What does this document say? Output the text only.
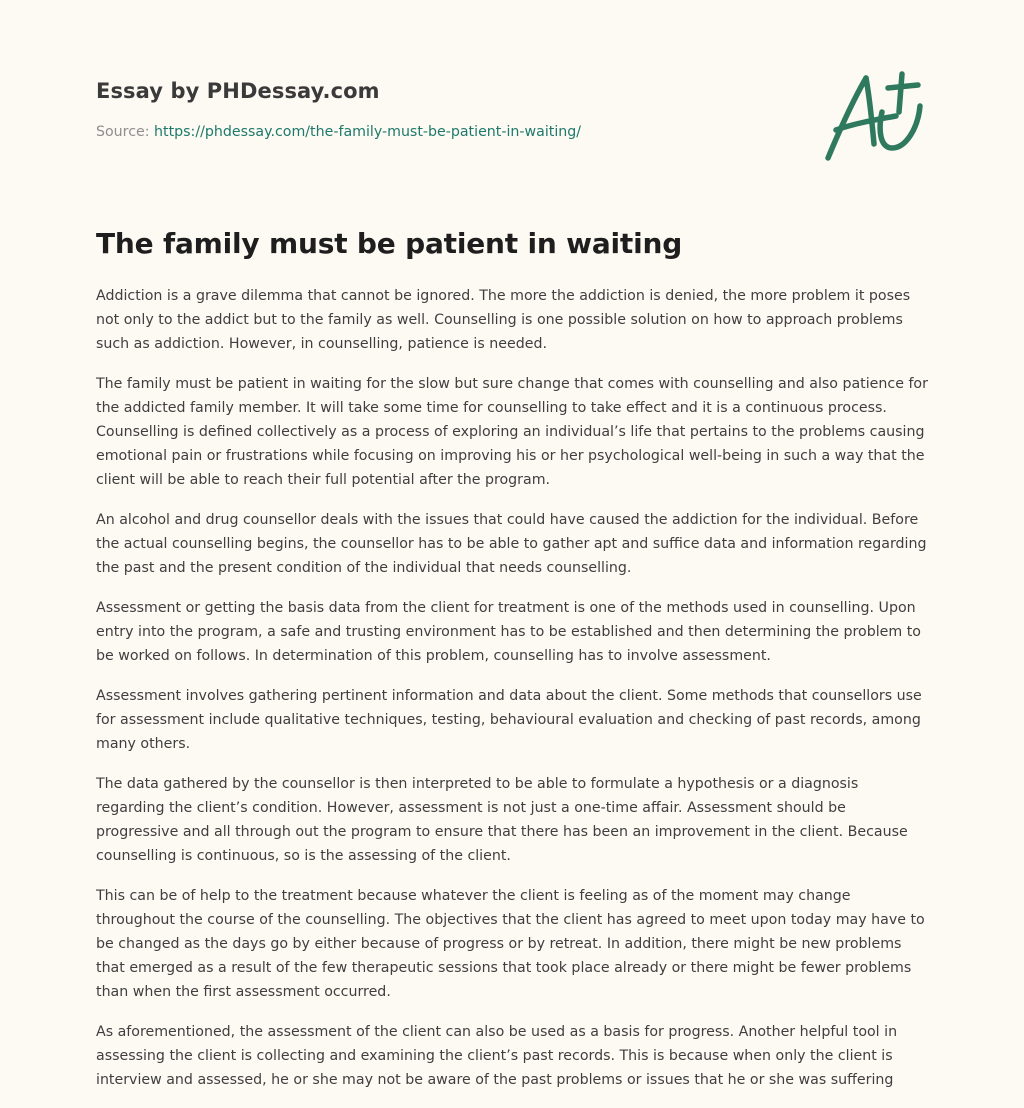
Essay by PHDessay.com
Source: https://phdessay.com/the-family-must-be-patient-in-waiting/
The family must be patient in waiting

Addiction is a grave dilemma that cannot be ignored. The more the addiction is denied, the more problem it poses not only to the addict but to the family as well. Counselling is one possible solution on how to approach problems such as addiction. However, in counselling, patience is needed.

The family must be patient in waiting for the slow but sure change that comes with counselling and also patience for the addicted family member. It will take some time for counselling to take effect and it is a continuous process. Counselling is defined collectively as a process of exploring an individual’s life that pertains to the problems causing emotional pain or frustrations while focusing on improving his or her psychological well-being in such a way that the client will be able to reach their full potential after the program.

An alcohol and drug counsellor deals with the issues that could have caused the addiction for the individual. Before the actual counselling begins, the counsellor has to be able to gather apt and suffice data and information regarding the past and the present condition of the individual that needs counselling.

Assessment or getting the basis data from the client for treatment is one of the methods used in counselling. Upon entry into the program, a safe and trusting environment has to be established and then determining the problem to be worked on follows. In determination of this problem, counselling has to involve assessment.

Assessment involves gathering pertinent information and data about the client. Some methods that counsellors use for assessment include qualitative techniques, testing, behavioural evaluation and checking of past records, among many others.

The data gathered by the counsellor is then interpreted to be able to formulate a hypothesis or a diagnosis regarding the client’s condition. However, assessment is not just a one-time affair. Assessment should be progressive and all through out the program to ensure that there has been an improvement in the client. Because counselling is continuous, so is the assessing of the client.

This can be of help to the treatment because whatever the client is feeling as of the moment may change throughout the course of the counselling. The objectives that the client has agreed to meet upon today may have to be changed as the days go by either because of progress or by retreat. In addition, there might be new problems that emerged as a result of the few therapeutic sessions that took place already or there might be fewer problems than when the first assessment occurred.

As aforementioned, the assessment of the client can also be used as a basis for progress. Another helpful tool in assessing the client is collecting and examining the client’s past records. This is because when only the client is interview and assessed, he or she may not be aware of the past problems or issues that he or she was suffering
